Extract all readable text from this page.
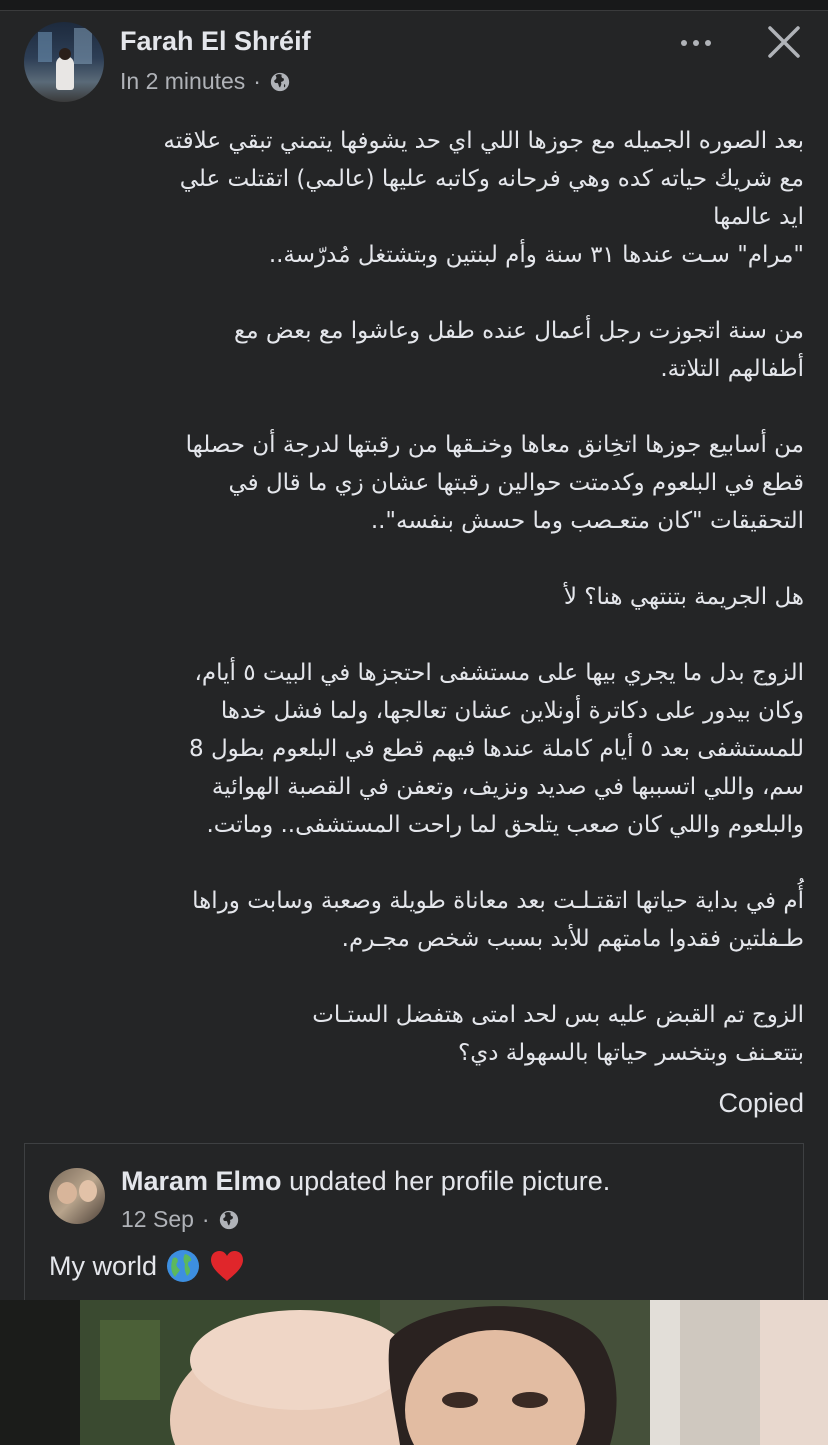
Farah El Shréif
In 2 minutes ·

بعد الصوره الجميله مع جوزها اللي اي حد يشوفها يتمني تبقي علاقته

مع شريك حياته كده وهي فرحانه وكاتبه عليها (عالمي) اتقتلت علي

ايد عالمها

"مرام" سـت عندها ٣١ سنة وأم لبنتين وبتشتغل مُدرّسة..

من سنة اتجوزت رجل أعمال عنده طفل وعاشوا مع بعض مع

أطفالهم التلاتة.

من أسابيع جوزها اتخِانق معاها وخنـقها من رقبتها لدرجة أن حصلها

قطع في البلعوم وكدمتت حوالين رقبتها عشان زي ما قال في

التحقيقات "كان متعـصب وما حسش بنفسه"..

هل الجريمة بتنتهي هنا؟ لأ

الزوج بدل ما يجري بيها على مستشفى احتجزها في البيت ٥ أيام،

وكان بيدور على دكاترة أونلاين عشان تعالجها، ولما فشل خدها

للمستشفى بعد ٥ أيام كاملة عندها فيهم قطع في البلعوم بطول 8

سم، واللي اتسببها في صديد ونزيف، وتعفن في القصبة الهوائية

والبلعوم واللي كان صعب يتلحق لما راحت المستشفى.. وماتت.

أُم في بداية حياتها اتقتـلـت بعد معاناة طويلة وصعبة وسابت وراها

طـفلتين فقدوا مامتهم للأبد بسبب شخص مجـرم.

الزوج تم القبض عليه بس لحد امتى هتفضل الستـات

بتتعـنف وبتخسر حياتها بالسهولة دي؟

Copied
Maram Elmo updated her profile picture.
12 Sep ·
My world
